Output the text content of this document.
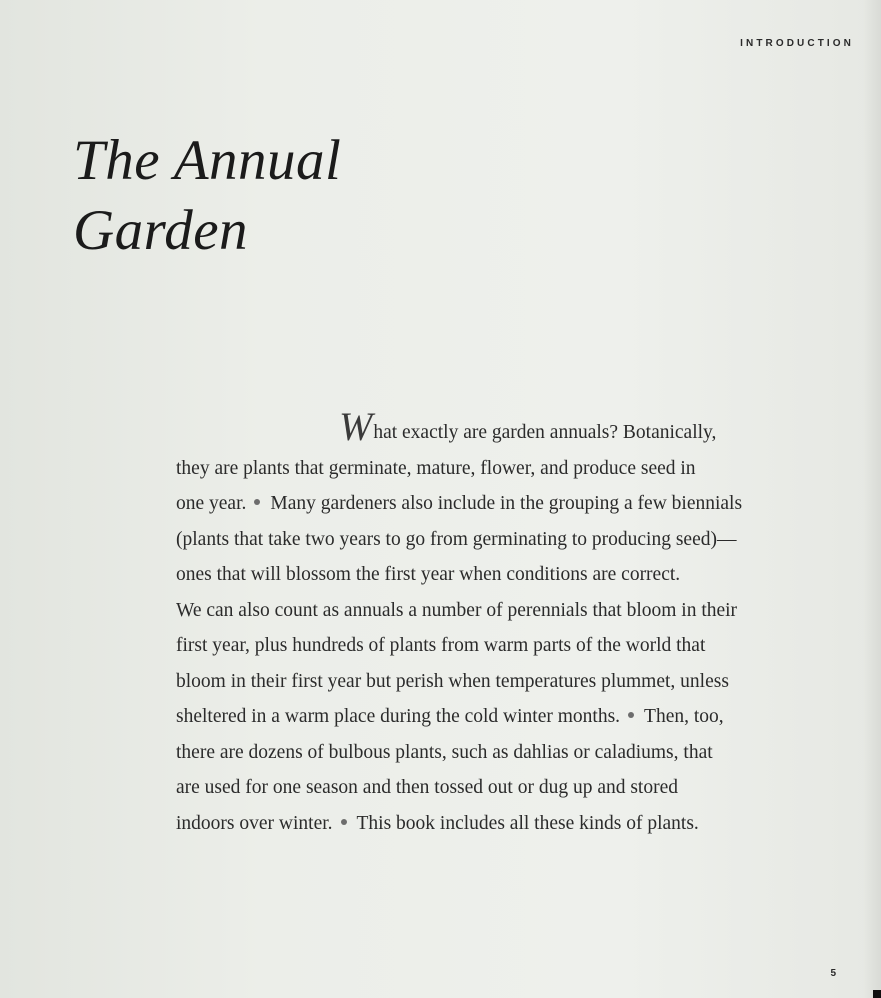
INTRODUCTION
The Annual
Garden
What exactly are garden annuals? Botanically,
they are plants that germinate, mature, flower, and produce seed in
one year. Many gardeners also include in the grouping a few biennials
(plants that take two years to go from germinating to producing seed)—
ones that will blossom the first year when conditions are correct.
We can also count as annuals a number of perennials that bloom in their
first year, plus hundreds of plants from warm parts of the world that
bloom in their first year but perish when temperatures plummet, unless
sheltered in a warm place during the cold winter months. Then, too,
there are dozens of bulbous plants, such as dahlias or caladiums, that
are used for one season and then tossed out or dug up and stored
indoors over winter. This book includes all these kinds of plants.
5
